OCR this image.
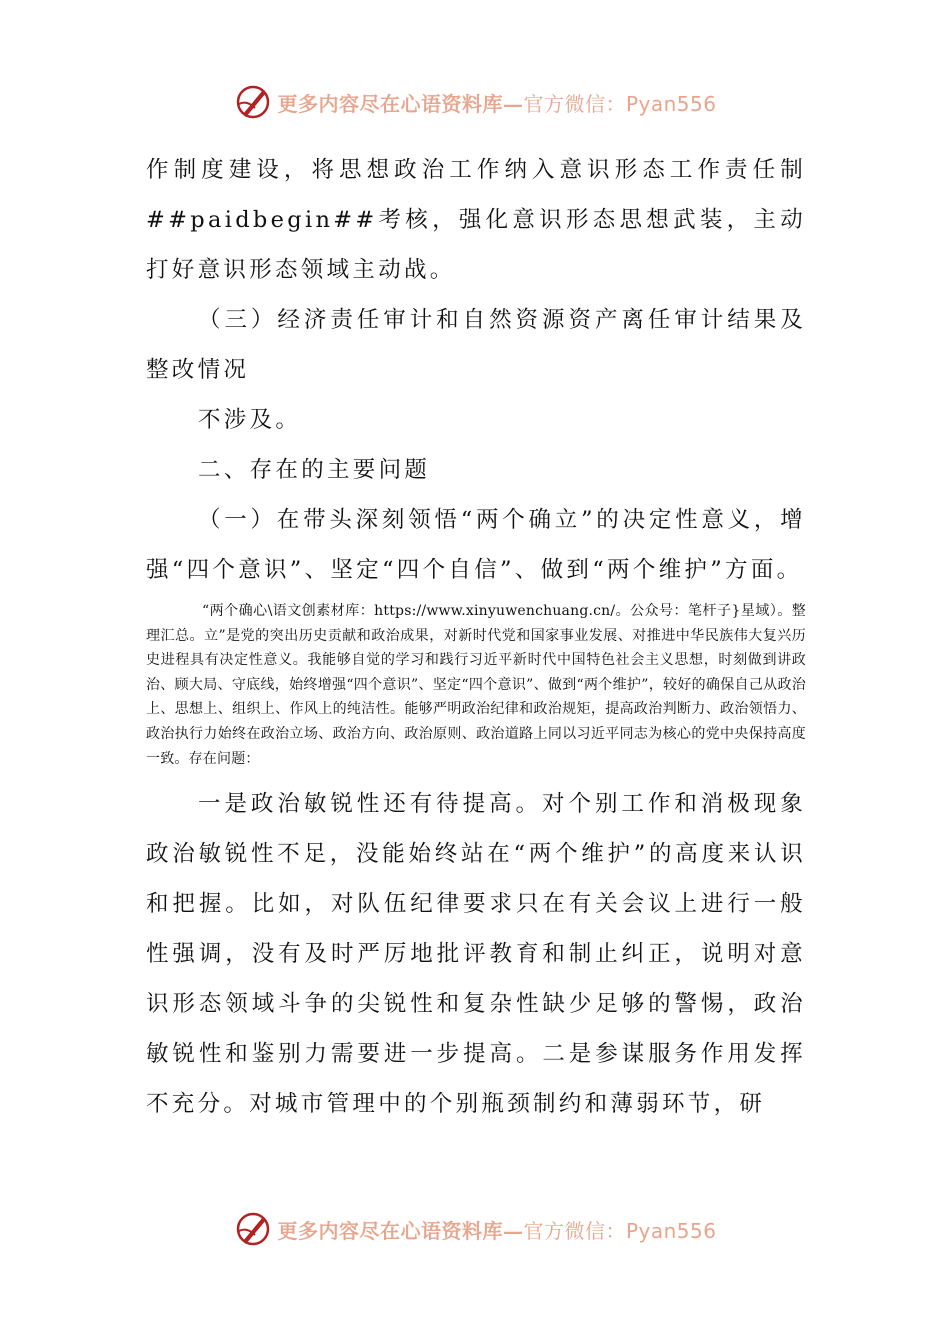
更多内容尽在心语资料库—官方微信：Pyan556

作制度建设，将思想政治工作纳入意识形态工作责任制##paidbegin##考核，强化意识形态思想武装，主动打好意识形态领域主动战。

（三）经济责任审计和自然资源资产离任审计结果及整改情况

不涉及。

二、存在的主要问题

（一）在带头深刻领悟“两个确立”的决定性意义，增强“四个意识”、坚定“四个自信”、做到“两个维护”方面。

“两个确心\语文创素材库：https://www.xinyuwenchuang.cn/。公众号：笔杆子}星域）。整理汇总。立”是党的突出历史贡献和政治成果，对新时代党和国家事业发展、对推进中华民族伟大复兴历史进程具有决定性意义。我能够自觉的学习和践行习近平新时代中国特色社会主义思想，时刻做到讲政治、顾大局、守底线，始终增强“四个意识”、坚定“四个意识”、做到“两个维护”，较好的确保自己从政治上、思想上、组织上、作风上的纯洁性。能够严明政治纪律和政治规矩，提高政治判断力、政治领悟力、政治执行力始终在政治立场、政治方向、政治原则、政治道路上同以习近平同志为核心的党中央保持高度一致。存在问题：

一是政治敏锐性还有待提高。对个别工作和消极现象政治敏锐性不足，没能始终站在“两个维护”的高度来认识和把握。比如，对队伍纪律要求只在有关会议上进行一般性强调，没有及时严厉地批评教育和制止纠正，说明对意识形态领域斗争的尖锐性和复杂性缺少足够的警惕，政治敏锐性和鉴别力需要进一步提高。二是参谋服务作用发挥不充分。对城市管理中的个别瓶颈制约和薄弱环节，研

更多内容尽在心语资料库—官方微信：Pyan556
